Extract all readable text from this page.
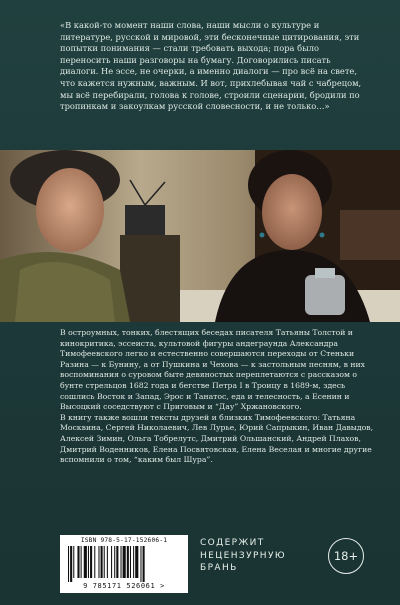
«В какой-то момент наши слова, наши мысли о культуре и литературе, русской и мировой, эти бесконечные цитирования, эти попытки понимания — стали требовать выхода; пора было переносить наши разговоры на бумагу. Договорились писать диалоги. Не эссе, не очерки, а именно диалоги — про всё на свете, что кажется нужным, важным. И вот, прихлебывая чай с чабрецом, мы всё перебирали, голова к голове, строили сценарии, бродили по тропинкам и закоулкам русской словесности, и не только…»

В остроумных, тонких, блестящих беседах писателя Татьяны Толстой и кинокритика, эссеиста, культовой фигуры андеграунда Александра Тимофеевского легко и естественно совершаются переходы от Стеньки Разина — к Бунину, а от Пушкина и Чехова — к застольным песням, в них воспоминания о суровом быте девяностых переплетаются с рассказом о бунте стрельцов 1682 года и бегстве Петра I в Троицу в 1689-м, здесь сошлись Восток и Запад, Эрос и Танатос, еда и телесность, а Есенин и Высоцкий соседствуют с Приговым и “Дау” Хржановского.

В книгу также вошли тексты друзей и близких Тимофеевского: Татьяна Москвина, Сергей Николаевич, Лев Лурье, Юрий Сапрыкин, Иван Давыдов, Алексей Зимин, Ольга Тобрелутс, Дмитрий Ольшанский, Андрей Плахов, Дмитрий Воденников, Елена Посвятовская, Елена Веселая и многие другие вспомнили о том, “каким был Шура”.

ISBN 978-5-17-152606-1
9 785171 526061 >
СОДЕРЖИТ
НЕЦЕНЗУРНУЮ
БРАНЬ
18+
